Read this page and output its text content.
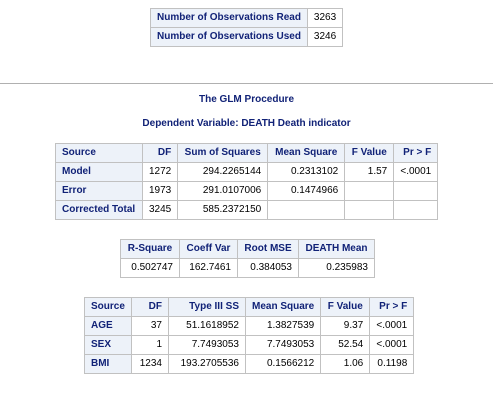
Number of Observations Read	3263
Number of Observations Used	3246
The GLM Procedure
Dependent Variable: DEATH Death indicator
Source	DF	Sum of Squares	Mean Square	F Value	Pr > F
Model	1272	294.2265144	0.2313102	1.57	<.0001
Error	1973	291.0107006	0.1474966		
Corrected Total	3245	585.2372150			
R-Square	Coeff Var	Root MSE	DEATH Mean
0.502747	162.7461	0.384053	0.235983
Source	DF	Type III SS	Mean Square	F Value	Pr > F
AGE	37	51.1618952	1.3827539	9.37	<.0001
SEX	1	7.7493053	7.7493053	52.54	<.0001
BMI	1234	193.2705536	0.1566212	1.06	0.1198
